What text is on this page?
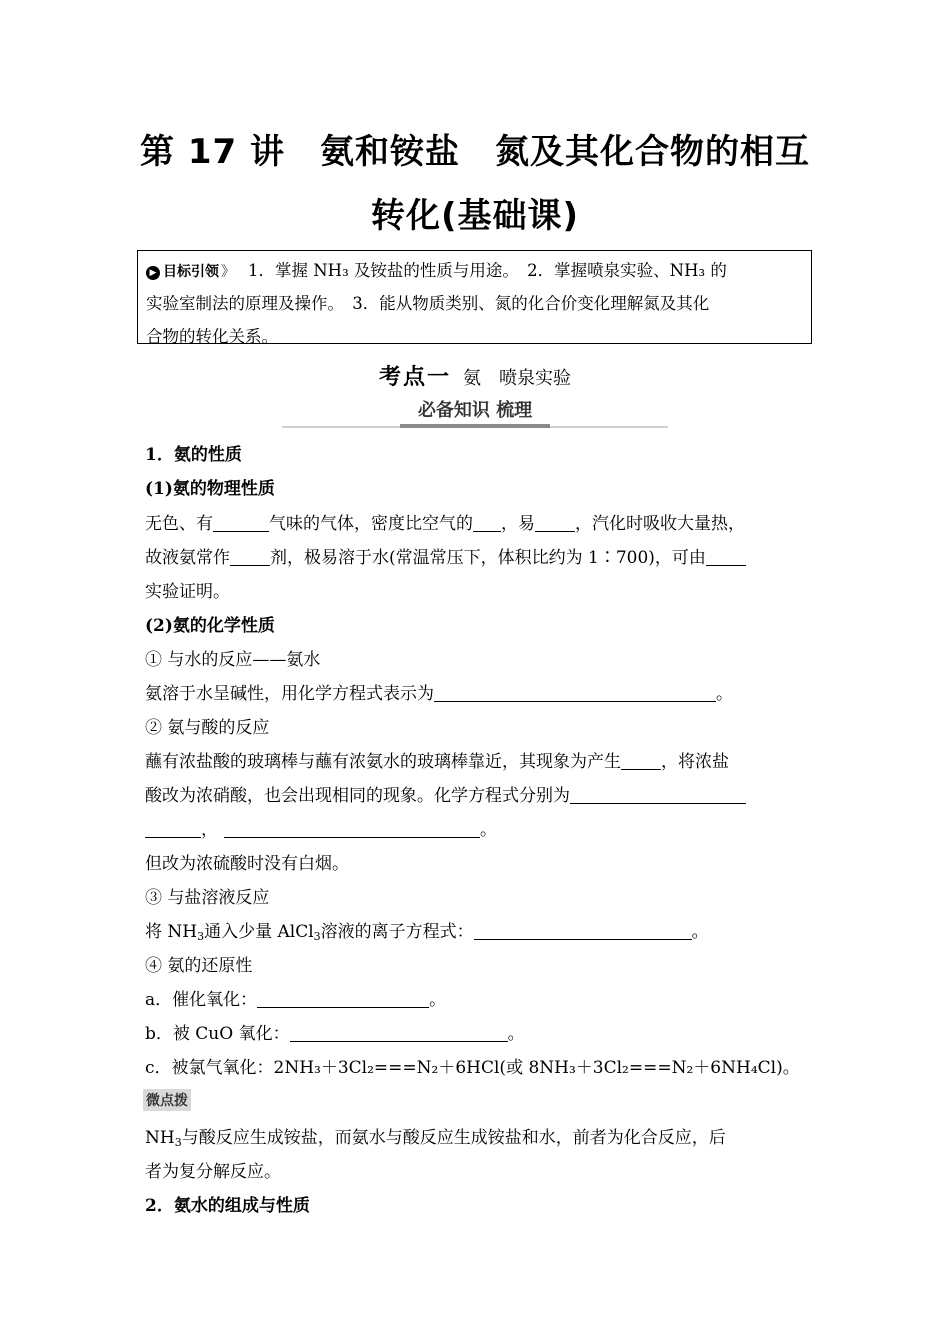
第 17 讲　氨和铵盐　氮及其化合物的相互
转化(基础课)
▶ 目标引领 》 1．掌握 NH₃ 及铵盐的性质与用途。　2．掌握喷泉实验、NH₃ 的
实验室制法的原理及操作。　3．能从物质类别、氮的化合价变化理解氮及其化
合物的转化关系。
考点一 氨　喷泉实验
必备知识 梳理
1．氨的性质
(1)氨的物理性质
无色、有	气味的气体，密度比空气的 ，易 ，汽化时吸收大量热，
故液氨常作 剂，极易溶于水(常温常压下，体积比约为 1∶700)，可由
实验证明。
(2)氨的化学性质
① 与水的反应——氨水
氨溶于水呈碱性，用化学方程式表示为	。
② 氨与酸的反应
蘸有浓盐酸的玻璃棒与蘸有浓氨水的玻璃棒靠近，其现象为产生 ，将浓盐
酸改为浓硝酸，也会出现相同的现象。化学方程式分别为
，	。
但改为浓硫酸时没有白烟。
③ 与盐溶液反应
将 $NH_3$通入少量 AlCl$_3$溶液的离子方程式：	。
④ 氨的还原性
a．催化氧化：	。
b．被 CuO 氧化：	。
c．被氯气氧化：2NH₃＋3Cl₂===N₂＋6HCl(或 8NH₃＋3Cl₂===N₂＋6NH₄Cl)。
微点拨
$NH_3$与酸反应生成铵盐，而氨水与酸反应生成铵盐和水，前者为化合反应，后
者为复分解反应。
2．氨水的组成与性质
